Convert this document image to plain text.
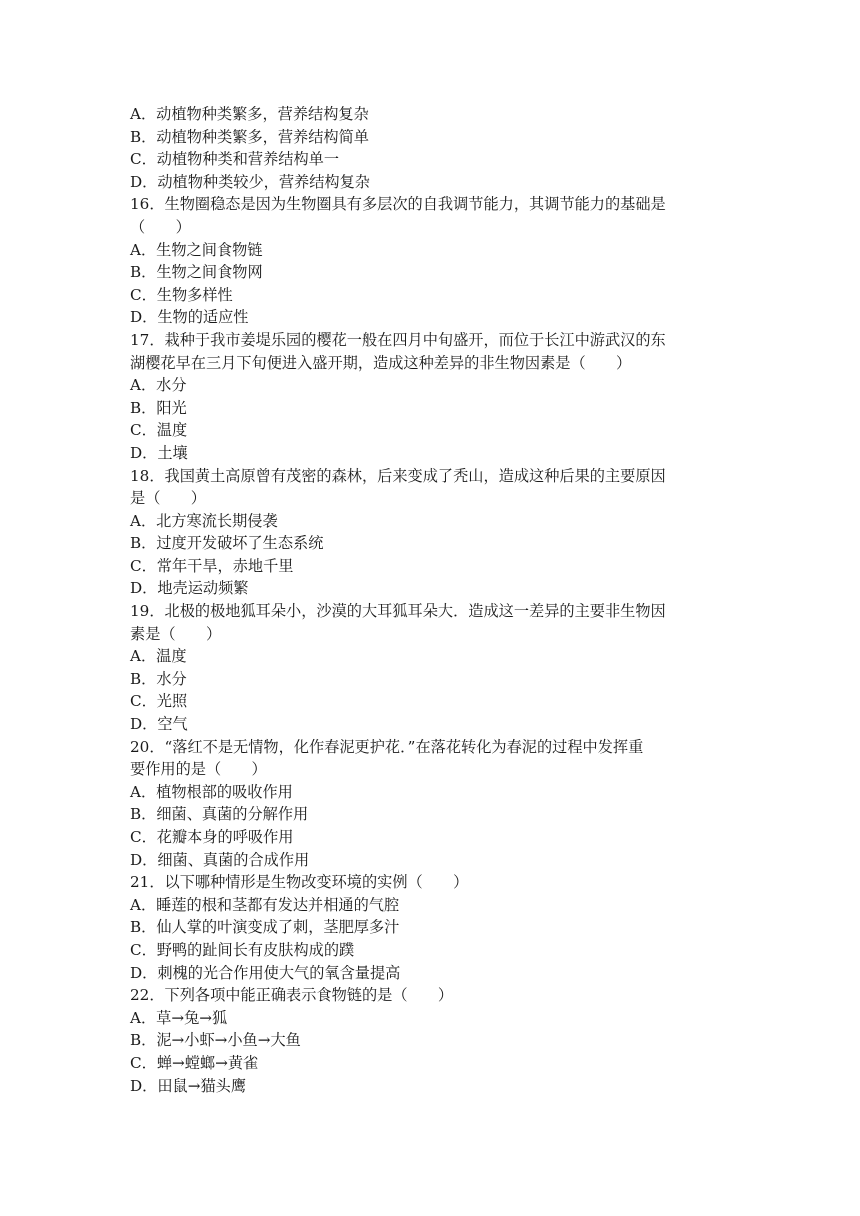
A．动植物种类繁多，营养结构复杂
B．动植物种类繁多，营养结构简单
C．动植物种类和营养结构单一
D．动植物种类较少，营养结构复杂
16．生物圈稳态是因为生物圈具有多层次的自我调节能力，其调节能力的基础是
（　　）
A．生物之间食物链
B．生物之间食物网
C．生物多样性
D．生物的适应性
17．栽种于我市姜堤乐园的樱花一般在四月中旬盛开，而位于长江中游武汉的东
湖樱花早在三月下旬便进入盛开期，造成这种差异的非生物因素是（　　）
A．水分
B．阳光
C．温度
D．土壤
18．我国黄土高原曾有茂密的森林，后来变成了秃山，造成这种后果的主要原因
是（　　）
A．北方寒流长期侵袭
B．过度开发破坏了生态系统
C．常年干旱，赤地千里
D．地壳运动频繁
19．北极的极地狐耳朵小，沙漠的大耳狐耳朵大．造成这一差异的主要非生物因
素是（　　）
A．温度
B．水分
C．光照
D．空气
20．“落红不是无情物，化作春泥更护花．”在落花转化为春泥的过程中发挥重
要作用的是（　　）
A．植物根部的吸收作用
B．细菌、真菌的分解作用
C．花瓣本身的呼吸作用
D．细菌、真菌的合成作用
21．以下哪种情形是生物改变环境的实例（　　）
A．睡莲的根和茎都有发达并相通的气腔
B．仙人掌的叶演变成了刺，茎肥厚多汁
C．野鸭的趾间长有皮肤构成的蹼
D．刺槐的光合作用使大气的氧含量提高
22．下列各项中能正确表示食物链的是（　　）
A．草→兔→狐
B．泥→小虾→小鱼→大鱼
C．蝉→螳螂→黄雀
D．田鼠→猫头鹰
